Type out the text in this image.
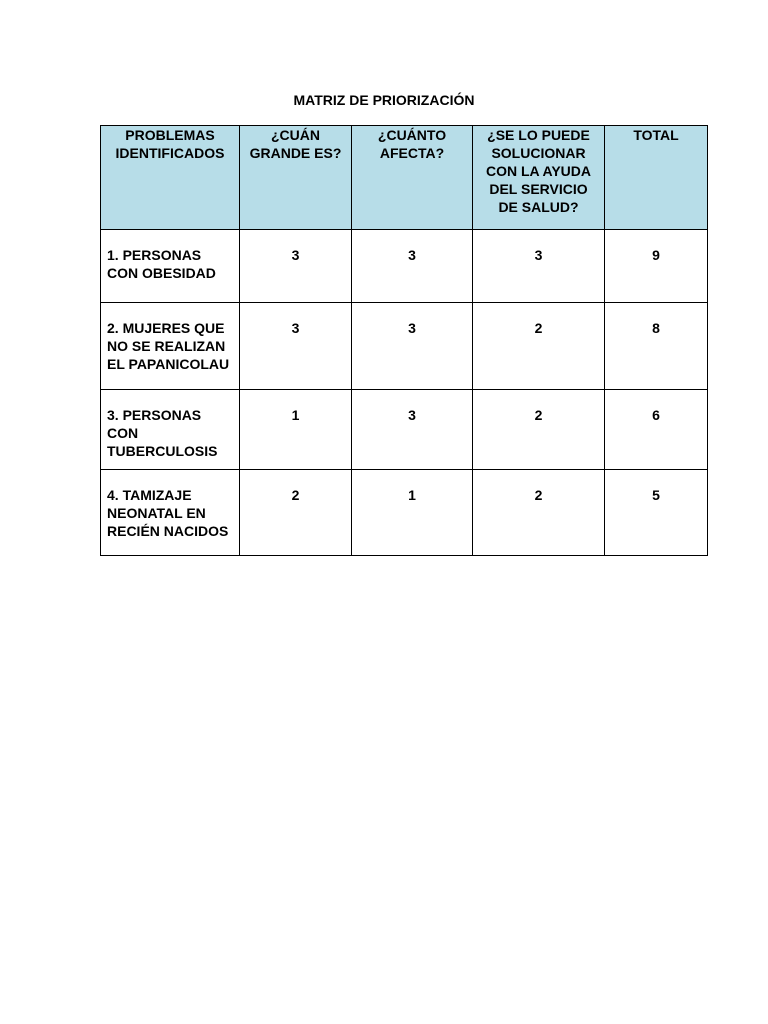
MATRIZ DE PRIORIZACIÓN
PROBLEMAS IDENTIFICADOS	¿CUÁN GRANDE ES?	¿CUÁNTO AFECTA?	¿SE LO PUEDE SOLUCIONAR CON LA AYUDA DEL SERVICIO DE SALUD?	TOTAL
1. PERSONAS CON OBESIDAD	3	3	3	9
2. MUJERES QUE NO SE REALIZAN EL PAPANICOLAU	3	3	2	8
3. PERSONAS CON TUBERCULOSIS	1	3	2	6
4. TAMIZAJE NEONATAL EN RECIÉN NACIDOS	2	1	2	5
